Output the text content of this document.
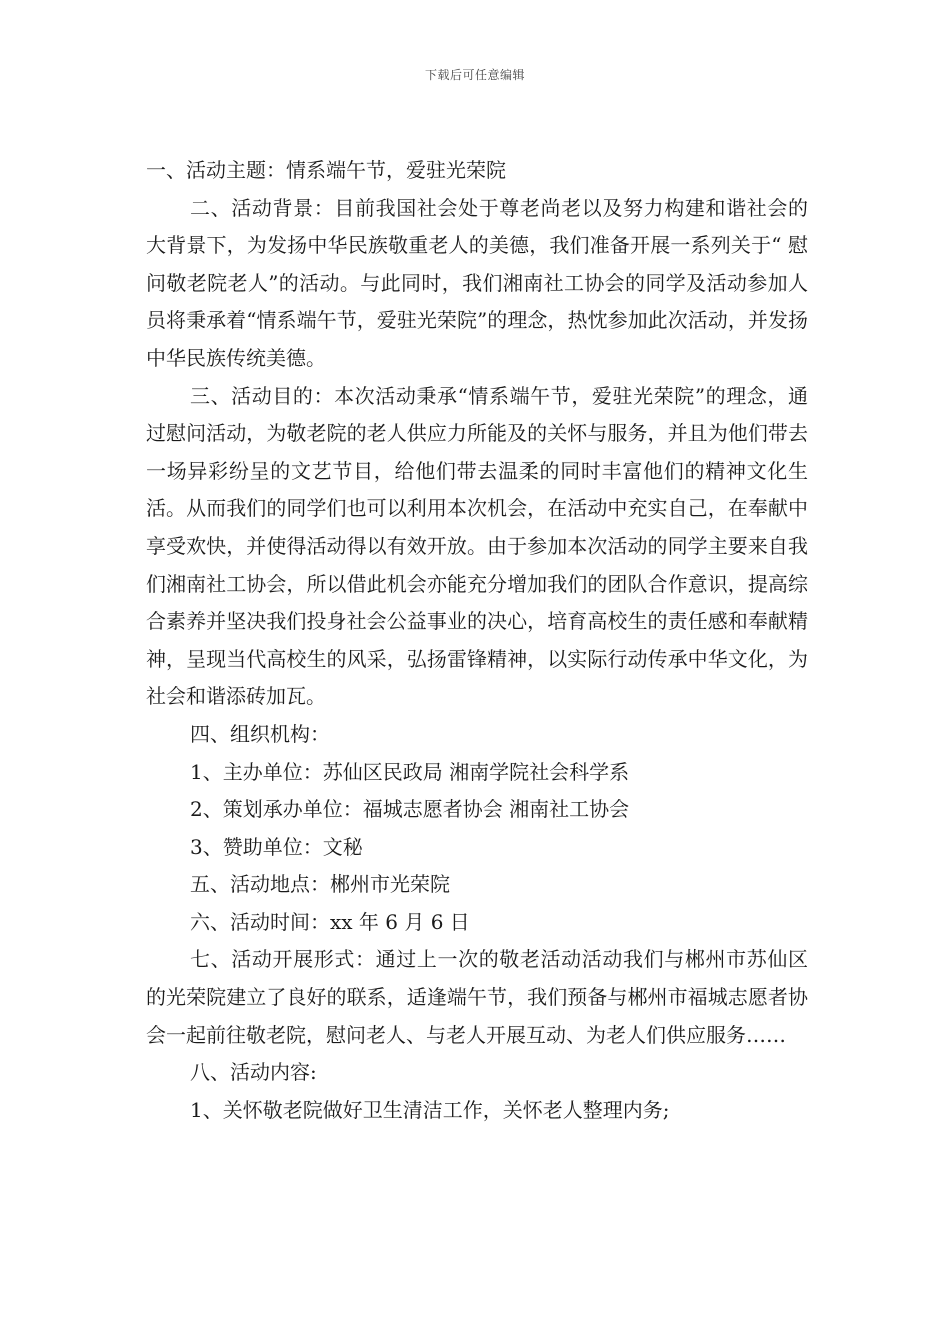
下载后可任意编辑

一、活动主题：情系端午节，爱驻光荣院

二、活动背景：目前我国社会处于尊老尚老以及努力构建和谐社会的大背景下，为发扬中华民族敬重老人的美德，我们准备开展一系列关于“ 慰问敬老院老人”的活动。与此同时，我们湘南社工协会的同学及活动参加人员将秉承着“情系端午节，爱驻光荣院”的理念，热忱参加此次活动，并发扬中华民族传统美德。

三、活动目的：本次活动秉承“情系端午节，爱驻光荣院”的理念，通过慰问活动，为敬老院的老人供应力所能及的关怀与服务，并且为他们带去一场异彩纷呈的文艺节目，给他们带去温柔的同时丰富他们的精神文化生活。从而我们的同学们也可以利用本次机会，在活动中充实自己，在奉献中享受欢快，并使得活动得以有效开放。由于参加本次活动的同学主要来自我们湘南社工协会，所以借此机会亦能充分增加我们的团队合作意识，提高综合素养并坚决我们投身社会公益事业的决心，培育高校生的责任感和奉献精神，呈现当代高校生的风采，弘扬雷锋精神，以实际行动传承中华文化，为社会和谐添砖加瓦。

四、组织机构：

1、主办单位：苏仙区民政局 湘南学院社会科学系

2、策划承办单位：福城志愿者协会 湘南社工协会

3、赞助单位：文秘

五、活动地点：郴州市光荣院

六、活动时间：xx 年 6 月 6 日

七、活动开展形式：通过上一次的敬老活动活动我们与郴州市苏仙区的光荣院建立了良好的联系，适逢端午节，我们预备与郴州市福城志愿者协会一起前往敬老院，慰问老人、与老人开展互动、为老人们供应服务……

八、活动内容:

1、关怀敬老院做好卫生清洁工作，关怀老人整理内务;
